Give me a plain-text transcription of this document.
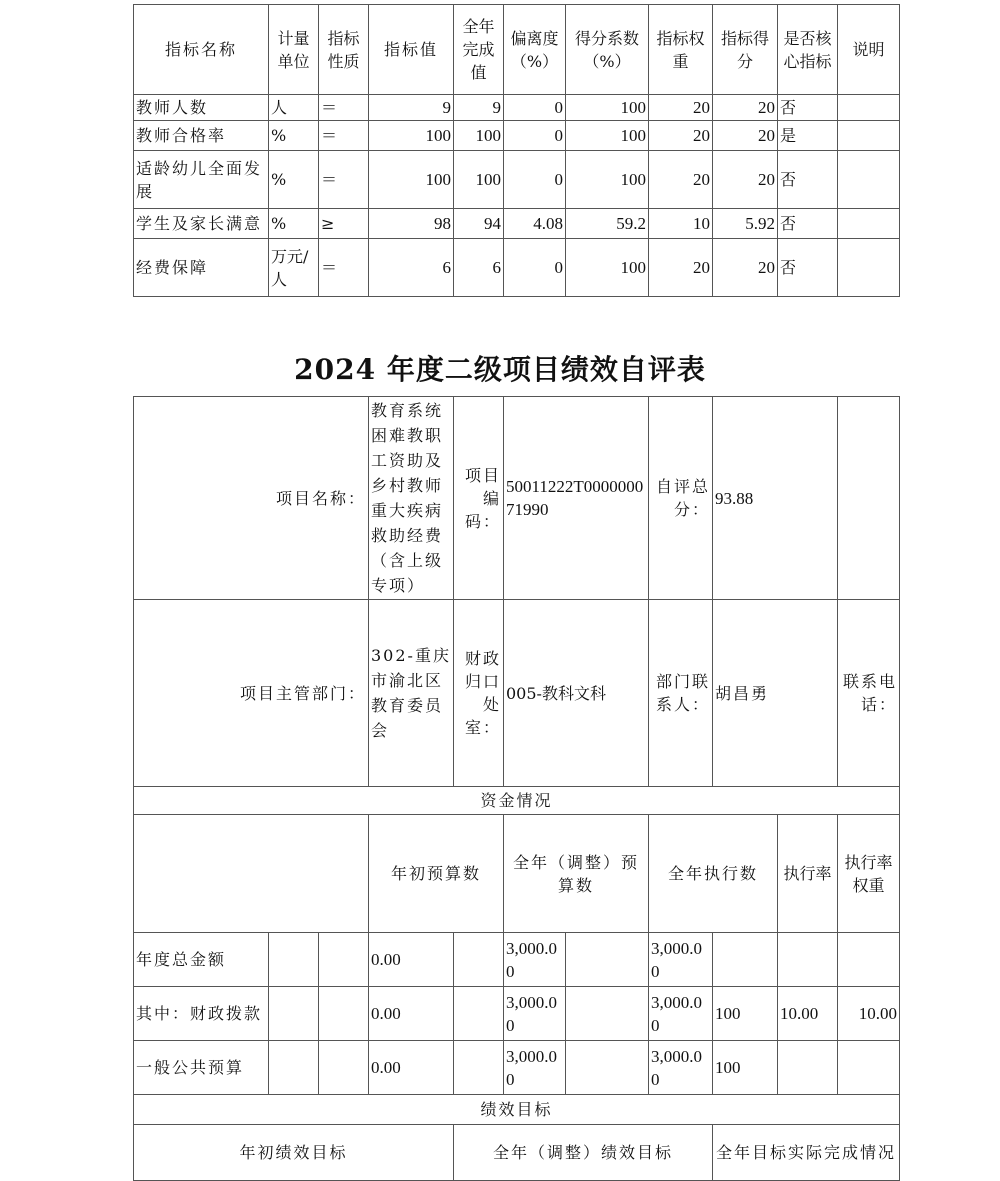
指标名称	计量单位	指标性质	指标值	全年完成值	偏离度（%）	得分系数（%）	指标权重	指标得分	是否核心指标	说明
教师人数	人	＝	9	9	0	100	20	20	否	
教师合格率	%	＝	100	100	0	100	20	20	是	
适龄幼儿全面发展	%	＝	100	100	0	100	20	20	否	
学生及家长满意	%	≥	98	94	4.08	59.2	10	5.92	否	
经费保障	万元/人	＝	6	6	0	100	20	20	否	
2024 年度二级项目绩效自评表
项目名称：			教育系统困难教职工资助及乡村教师重大疾病救助经费（含上级专项）	项目编码：	50011222T000000071990		自评总分：	93.88			
项目主管部门：			302-重庆市渝北区教育委员会	财政归口处室：	005-教科文科		部门联系人：	胡昌勇		联系电话：	
资金情况											
			年初预算数		全年（调整）预算数		全年执行数		执行率	执行率权重	
年度总金额			0.00		3,000.00		3,000.00				
其中：财政拨款			0.00		3,000.00		3,000.00	100	10.00	10.00	
一般公共预算			0.00		3,000.00		3,000.00	100			
绩效目标											
年初绩效目标				全年（调整）绩效目标				全年目标实际完成情况			
